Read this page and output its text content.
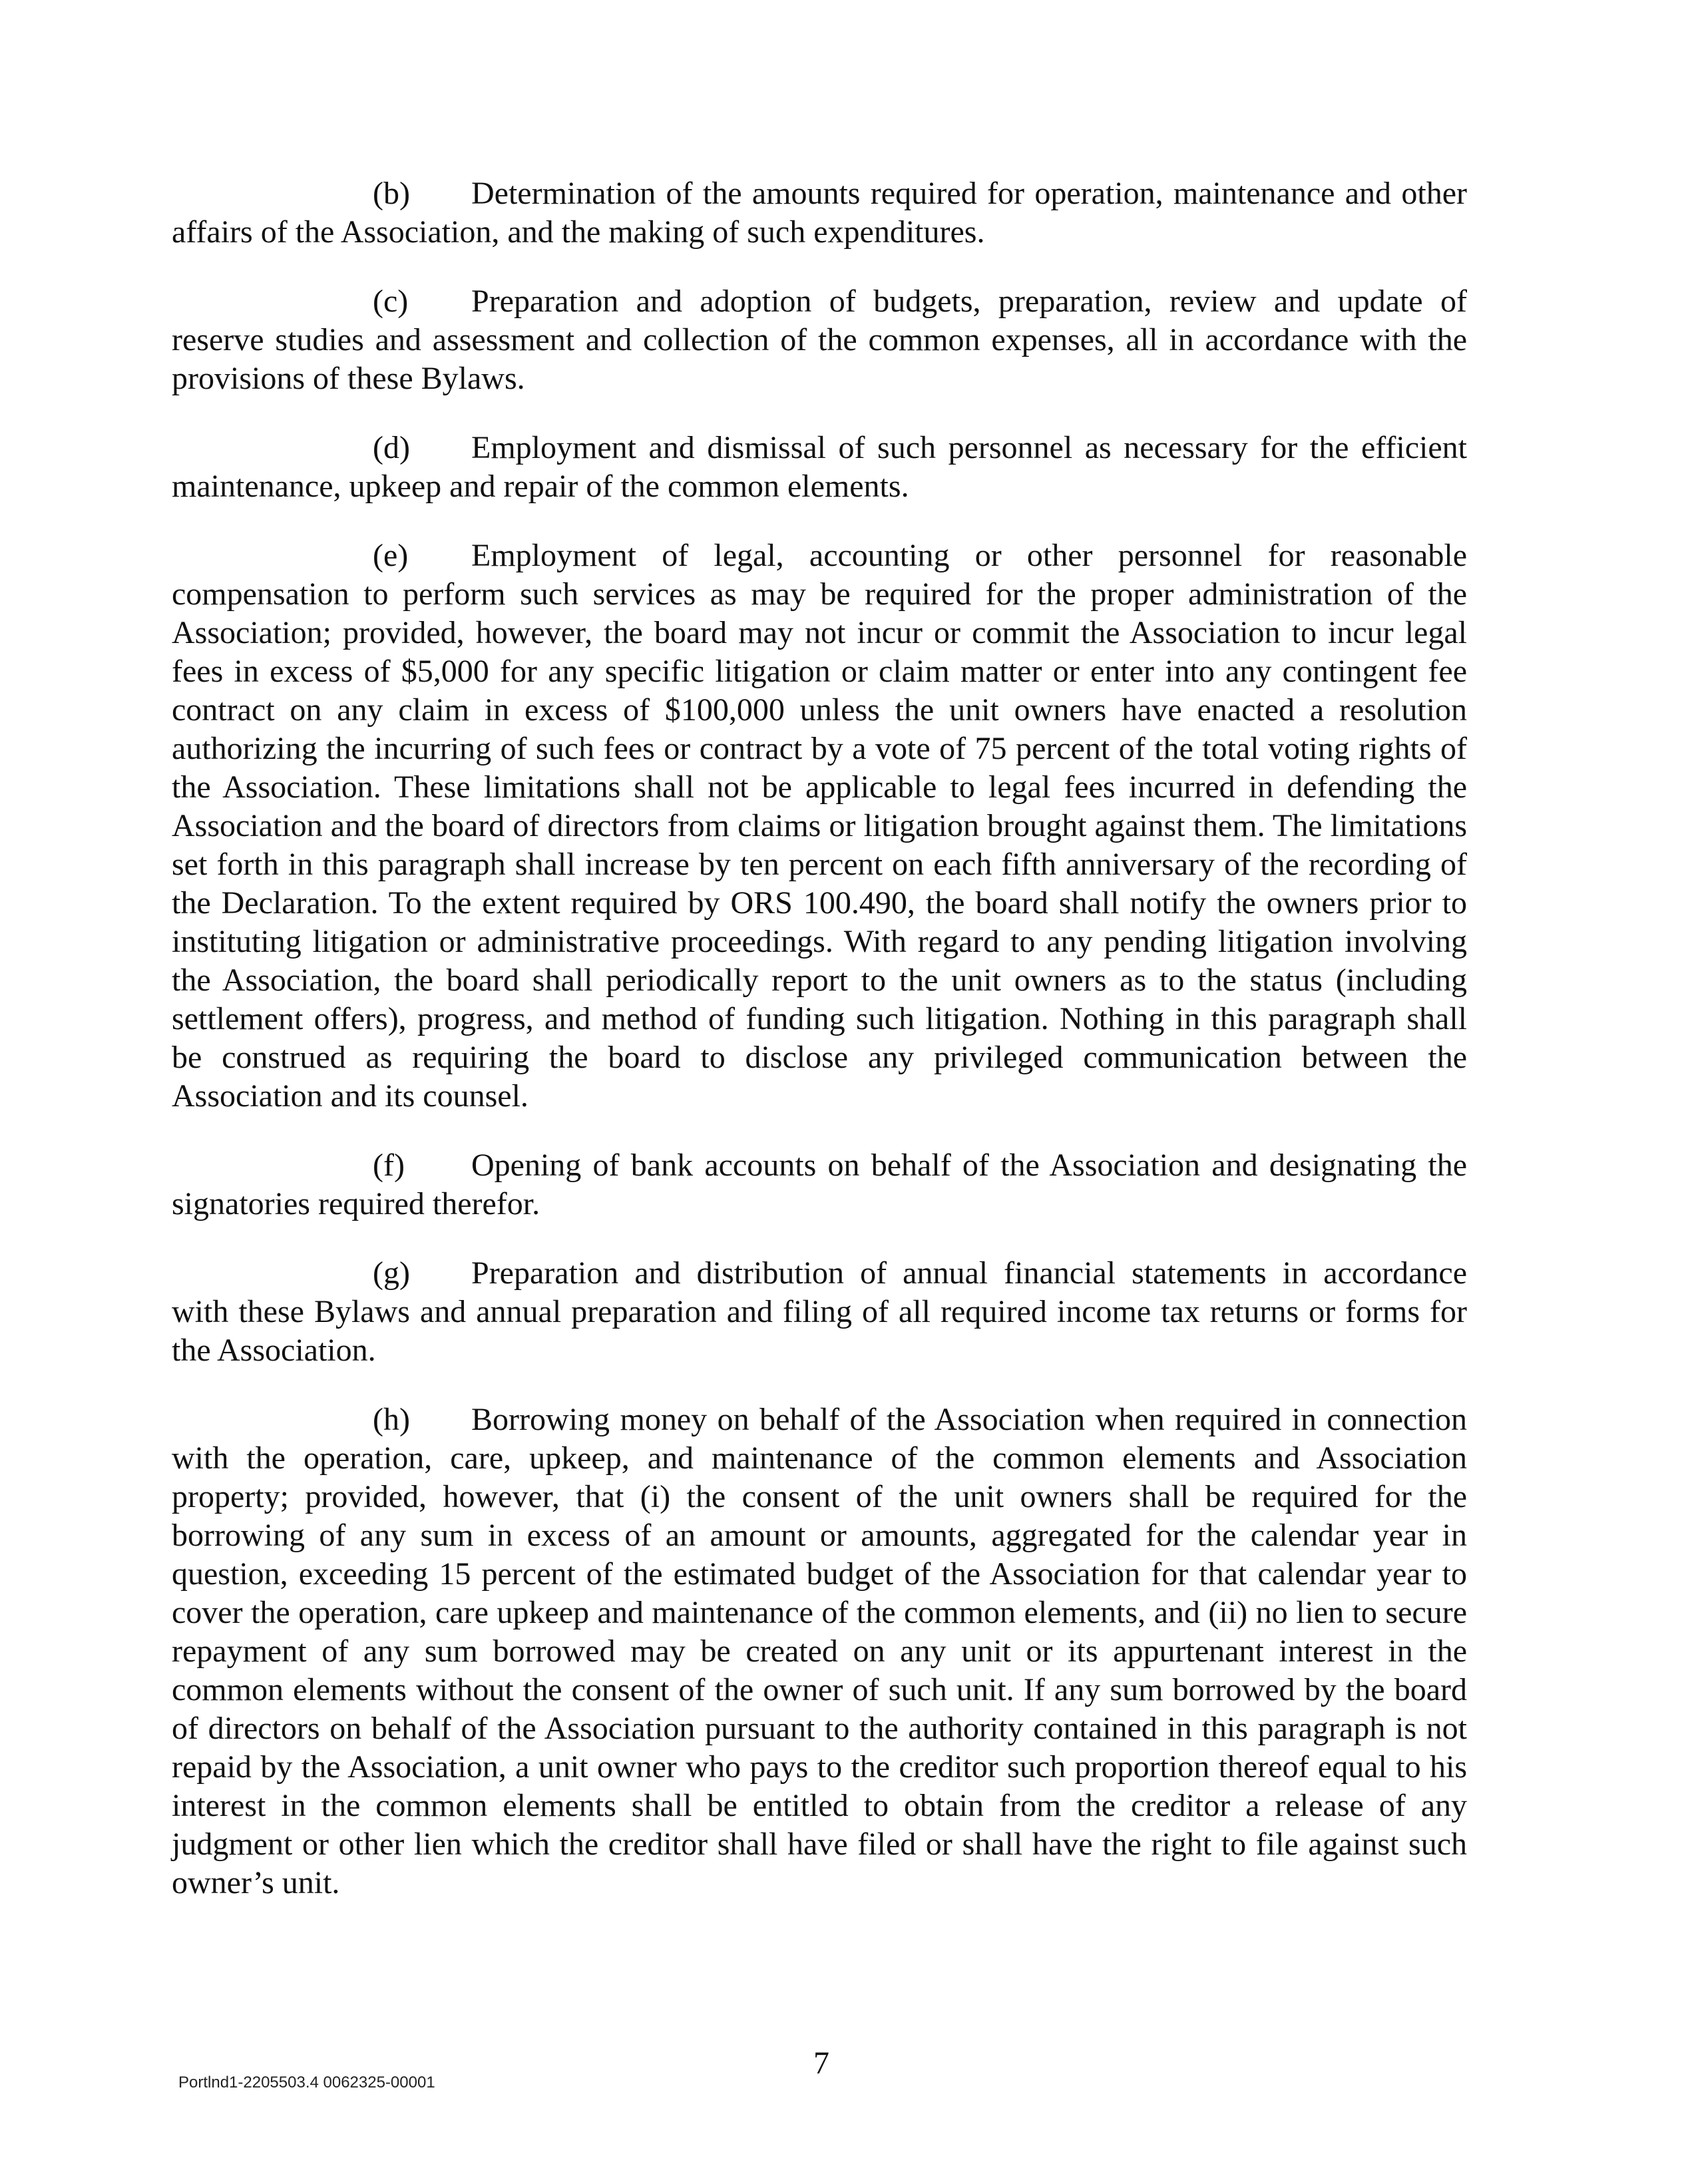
(b) Determination of the amounts required for operation, maintenance and other affairs of the Association, and the making of such expenditures.

(c) Preparation and adoption of budgets, preparation, review and update of reserve studies and assessment and collection of the common expenses, all in accordance with the provisions of these Bylaws.

(d) Employment and dismissal of such personnel as necessary for the efficient maintenance, upkeep and repair of the common elements.

(e) Employment of legal, accounting or other personnel for reasonable compensation to perform such services as may be required for the proper administration of the Association; provided, however, the board may not incur or commit the Association to incur legal fees in excess of $5,000 for any specific litigation or claim matter or enter into any contingent fee contract on any claim in excess of $100,000 unless the unit owners have enacted a resolution authorizing the incurring of such fees or contract by a vote of 75 percent of the total voting rights of the Association. These limitations shall not be applicable to legal fees incurred in defending the Association and the board of directors from claims or litigation brought against them. The limitations set forth in this paragraph shall increase by ten percent on each fifth anniversary of the recording of the Declaration. To the extent required by ORS 100.490, the board shall notify the owners prior to instituting litigation or administrative proceedings. With regard to any pending litigation involving the Association, the board shall periodically report to the unit owners as to the status (including settlement offers), progress, and method of funding such litigation. Nothing in this paragraph shall be construed as requiring the board to disclose any privileged communication between the Association and its counsel.

(f) Opening of bank accounts on behalf of the Association and designating the signatories required therefor.

(g) Preparation and distribution of annual financial statements in accordance with these Bylaws and annual preparation and filing of all required income tax returns or forms for the Association.

(h) Borrowing money on behalf of the Association when required in connection with the operation, care, upkeep, and maintenance of the common elements and Association property; provided, however, that (i) the consent of the unit owners shall be required for the borrowing of any sum in excess of an amount or amounts, aggregated for the calendar year in question, exceeding 15 percent of the estimated budget of the Association for that calendar year to cover the operation, care upkeep and maintenance of the common elements, and (ii) no lien to secure repayment of any sum borrowed may be created on any unit or its appurtenant interest in the common elements without the consent of the owner of such unit. If any sum borrowed by the board of directors on behalf of the Association pursuant to the authority contained in this paragraph is not repaid by the Association, a unit owner who pays to the creditor such proportion thereof equal to his interest in the common elements shall be entitled to obtain from the creditor a release of any judgment or other lien which the creditor shall have filed or shall have the right to file against such owner’s unit.

Portlnd1-2205503.4 0062325-00001
7
